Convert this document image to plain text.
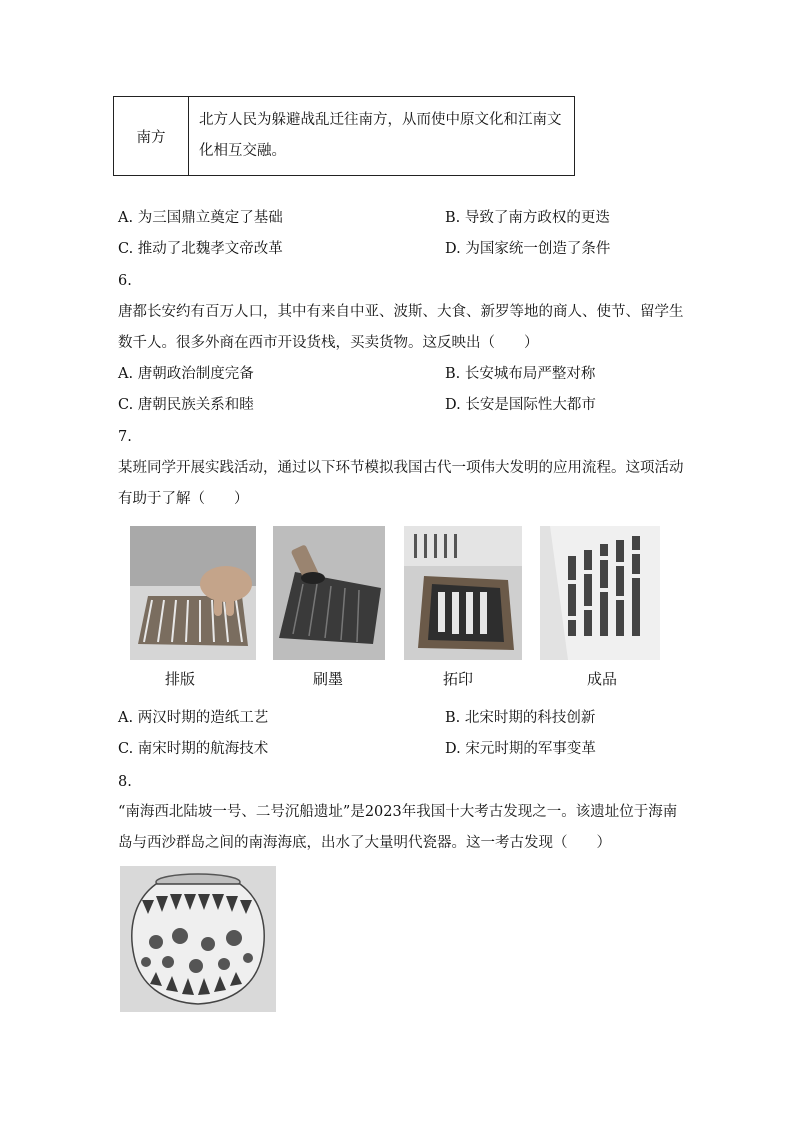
南方	北方人民为躲避战乱迁往南方，从而使中原文化和江南文化相互交融。
A. 为三国鼎立奠定了基础	B. 导致了南方政权的更迭
C. 推动了北魏孝文帝改革	D. 为国家统一创造了条件
6.
唐都长安约有百万人口，其中有来自中亚、波斯、大食、新罗等地的商人、使节、留学生
数千人。很多外商在西市开设货栈，买卖货物。这反映出（　　）
A. 唐朝政治制度完备	B. 长安城布局严整对称
C. 唐朝民族关系和睦	D. 长安是国际性大都市
7.
某班同学开展实践活动，通过以下环节模拟我国古代一项伟大发明的应用流程。这项活动
有助于了解（　　）
排版	刷墨	拓印	成品
A. 两汉时期的造纸工艺	B. 北宋时期的科技创新
C. 南宋时期的航海技术	D. 宋元时期的军事变革
8.
“南海西北陆坡一号、二号沉船遗址”是2023年我国十大考古发现之一。该遗址位于海南
岛与西沙群岛之间的南海海底，出水了大量明代瓷器。这一考古发现（　　）
